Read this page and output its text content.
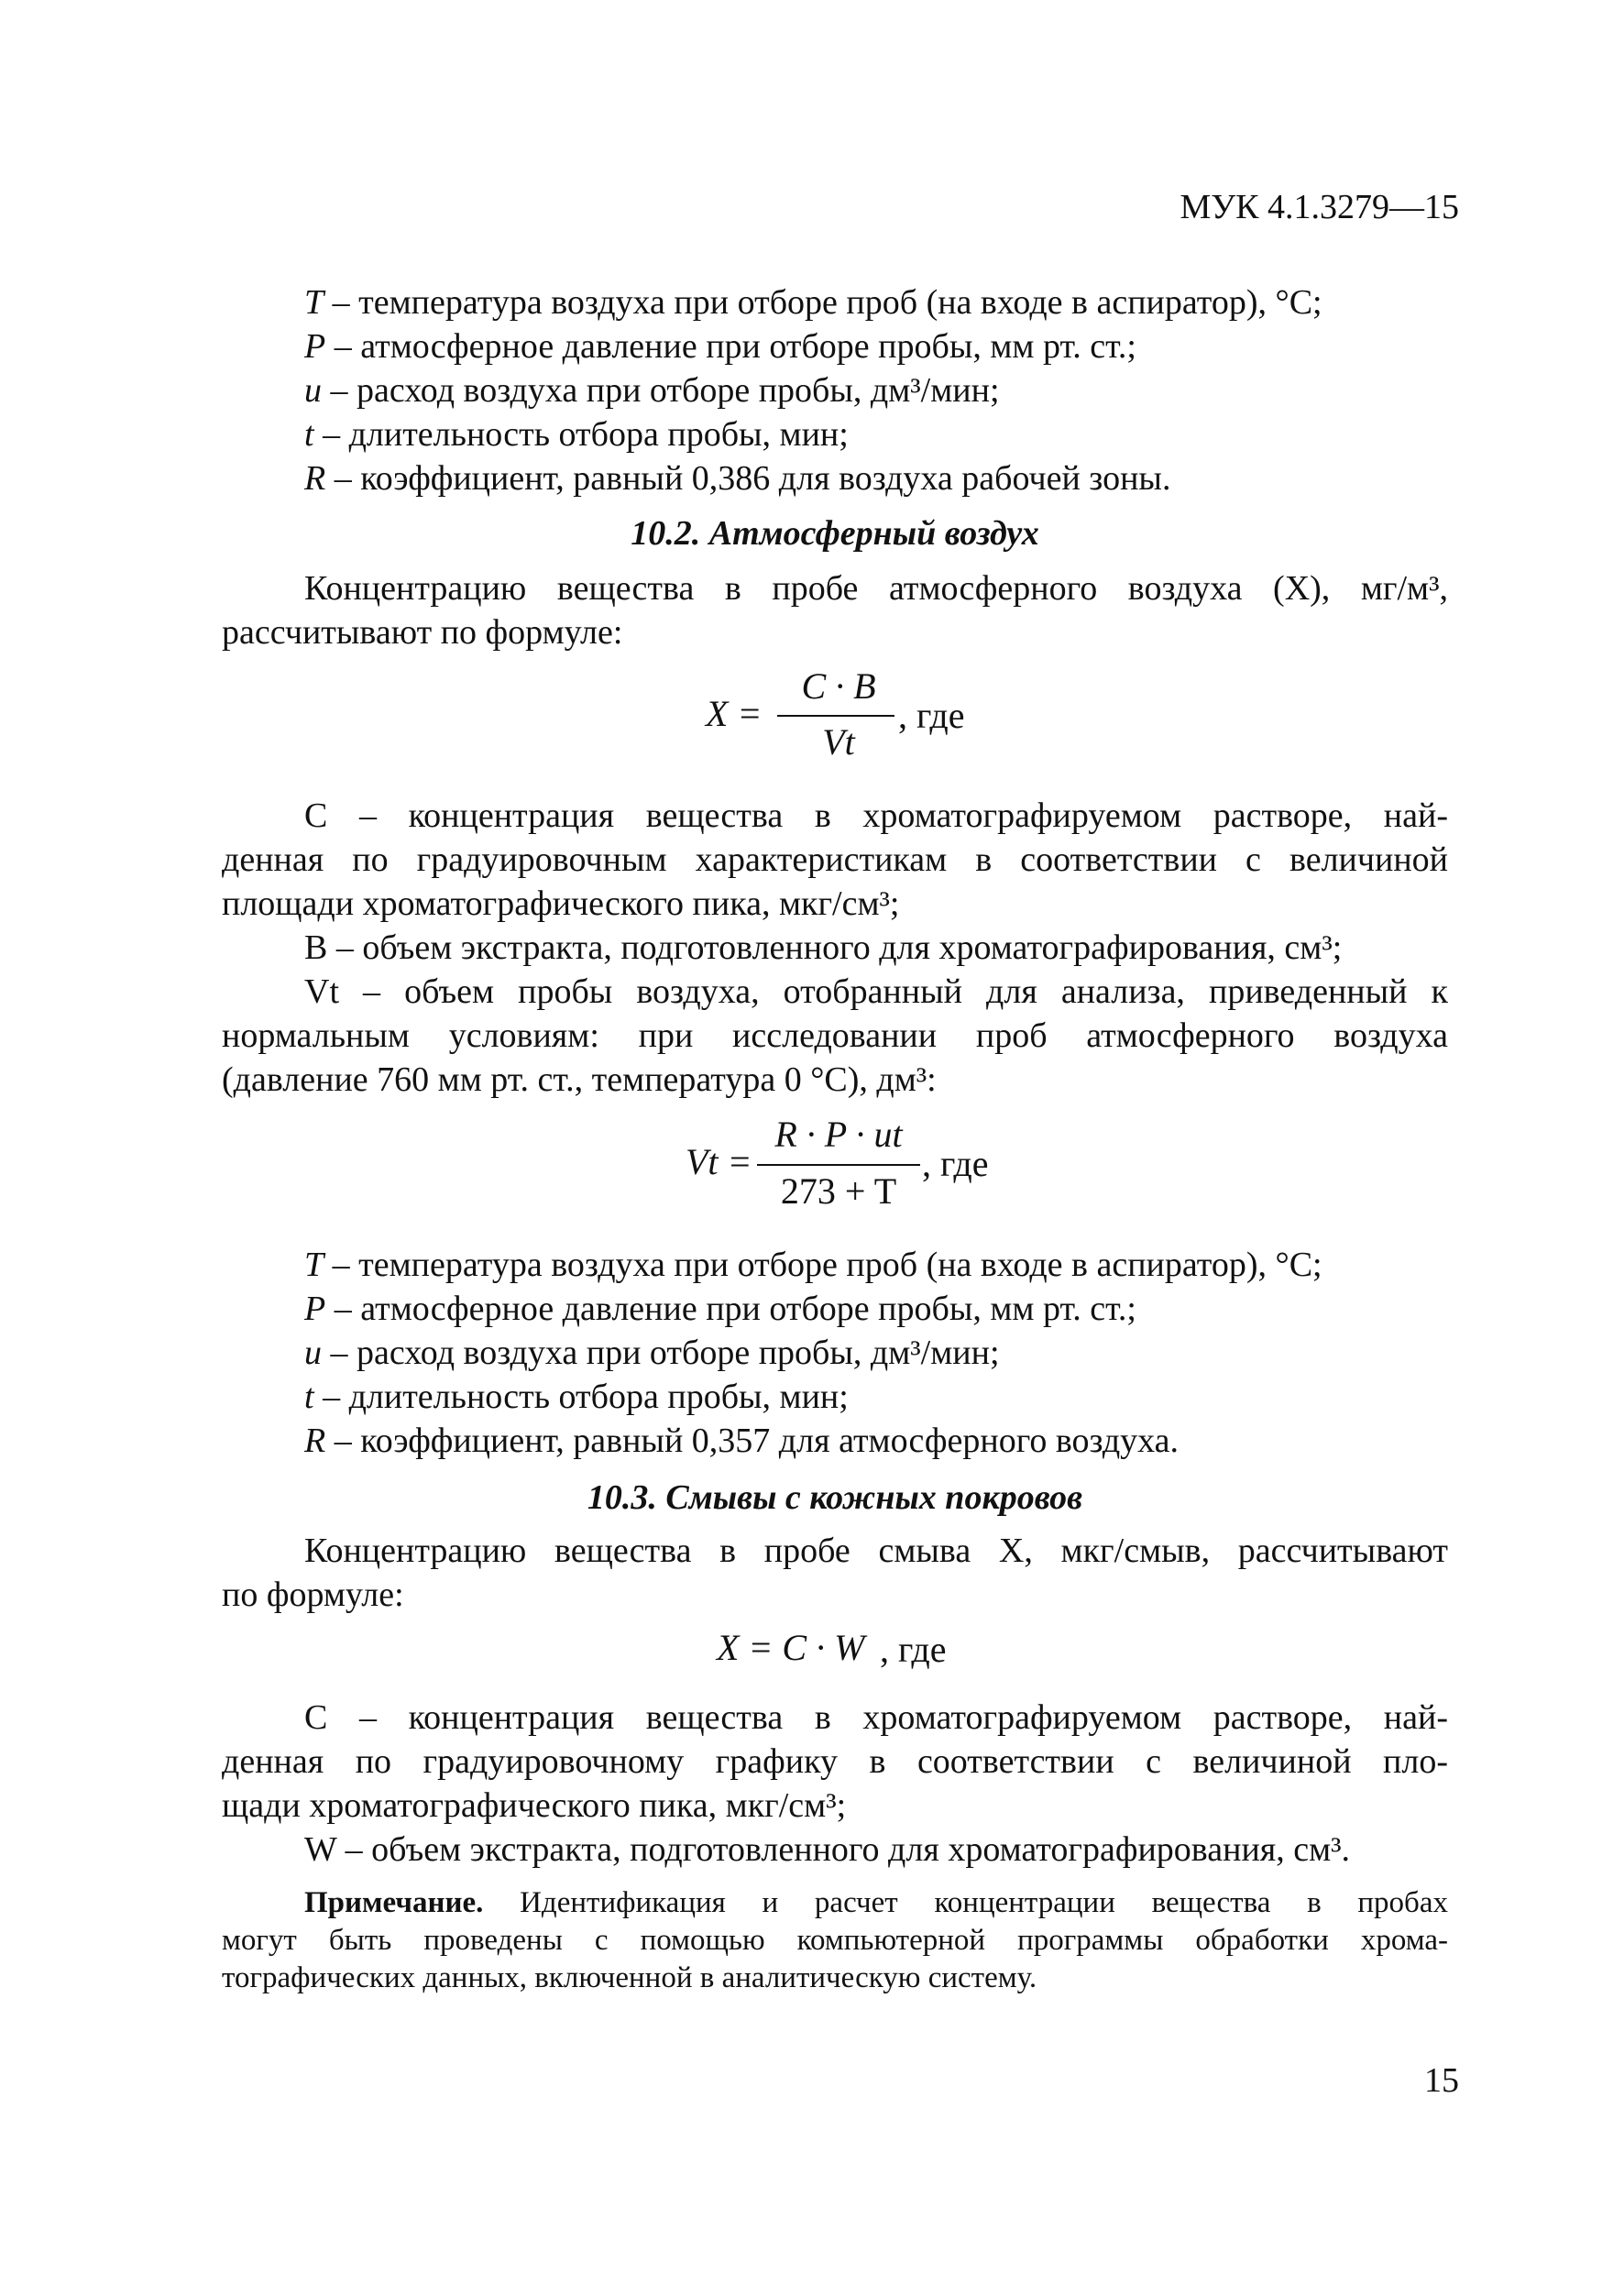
МУК 4.1.3279—15
T – температура воздуха при отборе проб (на входе в аспиратор), °С;
P – атмосферное давление при отборе пробы, мм рт. ст.;
u – расход воздуха при отборе пробы, дм³/мин;
t – длительность отбора пробы, мин;
R – коэффициент, равный 0,386 для воздуха рабочей зоны.
10.2. Атмосферный воздух
Концентрацию вещества в пробе атмосферного воздуха (X), мг/м³,
рассчитывают по формуле:
X =
C · B
Vt
, где
C – концентрация вещества в хроматографируемом растворе, най-
денная по градуировочным характеристикам в соответствии с величиной
площади хроматографического пика, мкг/см³;
B – объем экстракта, подготовленного для хроматографирования, см³;
Vt – объем пробы воздуха, отобранный для анализа, приведенный к
нормальным условиям: при исследовании проб атмосферного воздуха
(давление 760 мм рт. ст., температура 0 °С), дм³:
Vt =
R · P · ut
273 + T
, где
T – температура воздуха при отборе проб (на входе в аспиратор), °С;
P – атмосферное давление при отборе пробы, мм рт. ст.;
u – расход воздуха при отборе пробы, дм³/мин;
t – длительность отбора пробы, мин;
R – коэффициент, равный 0,357 для атмосферного воздуха.
10.3. Смывы с кожных покровов
Концентрацию вещества в пробе смыва X, мкг/смыв, рассчитывают
по формуле:
X = C · W , где
C – концентрация вещества в хроматографируемом растворе, най-
денная по градуировочному графику в соответствии с величиной пло-
щади хроматографического пика, мкг/см³;
W – объем экстракта, подготовленного для хроматографирования, см³.
Примечание. Идентификация и расчет концентрации вещества в пробах
могут быть проведены с помощью компьютерной программы обработки хрома-
тографических данных, включенной в аналитическую систему.
15
